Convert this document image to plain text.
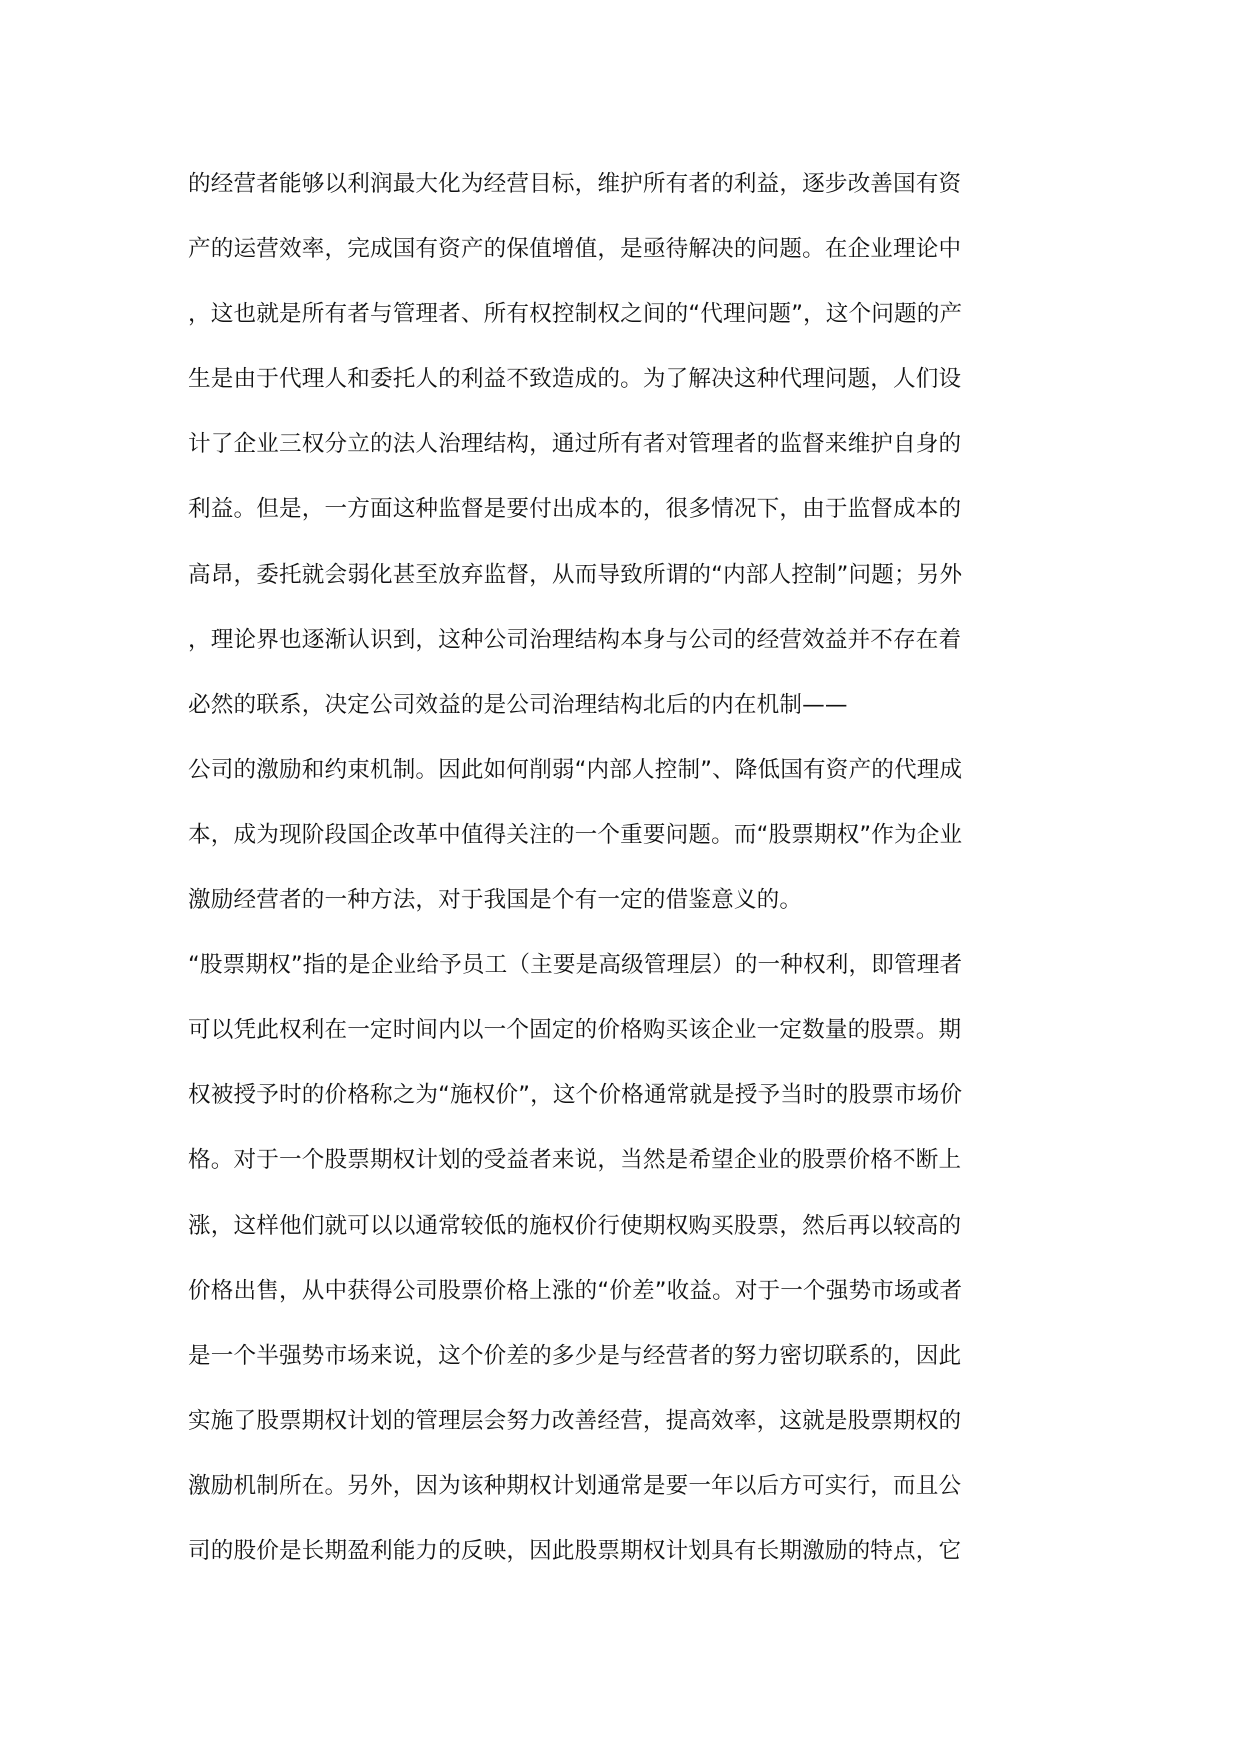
的经营者能够以利润最大化为经营目标，维护所有者的利益，逐步改善国有资
产的运营效率，完成国有资产的保值增值，是亟待解决的问题。在企业理论中
，这也就是所有者与管理者、所有权控制权之间的“代理问题”，这个问题的产
生是由于代理人和委托人的利益不致造成的。为了解决这种代理问题，人们设
计了企业三权分立的法人治理结构，通过所有者对管理者的监督来维护自身的
利益。但是，一方面这种监督是要付出成本的，很多情况下，由于监督成本的
高昂，委托就会弱化甚至放弃监督，从而导致所谓的“内部人控制”问题；另外
，理论界也逐渐认识到，这种公司治理结构本身与公司的经营效益并不存在着
必然的联系，决定公司效益的是公司治理结构北后的内在机制——
公司的激励和约束机制。因此如何削弱“内部人控制”、降低国有资产的代理成
本，成为现阶段国企改革中值得关注的一个重要问题。而“股票期权”作为企业
激励经营者的一种方法，对于我国是个有一定的借鉴意义的。
“股票期权”指的是企业给予员工（主要是高级管理层）的一种权利，即管理者
可以凭此权利在一定时间内以一个固定的价格购买该企业一定数量的股票。期
权被授予时的价格称之为“施权价”，这个价格通常就是授予当时的股票市场价
格。对于一个股票期权计划的受益者来说，当然是希望企业的股票价格不断上
涨，这样他们就可以以通常较低的施权价行使期权购买股票，然后再以较高的
价格出售，从中获得公司股票价格上涨的“价差”收益。对于一个强势市场或者
是一个半强势市场来说，这个价差的多少是与经营者的努力密切联系的，因此
实施了股票期权计划的管理层会努力改善经营，提高效率，这就是股票期权的
激励机制所在。另外，因为该种期权计划通常是要一年以后方可实行，而且公
司的股价是长期盈利能力的反映，因此股票期权计划具有长期激励的特点，它
